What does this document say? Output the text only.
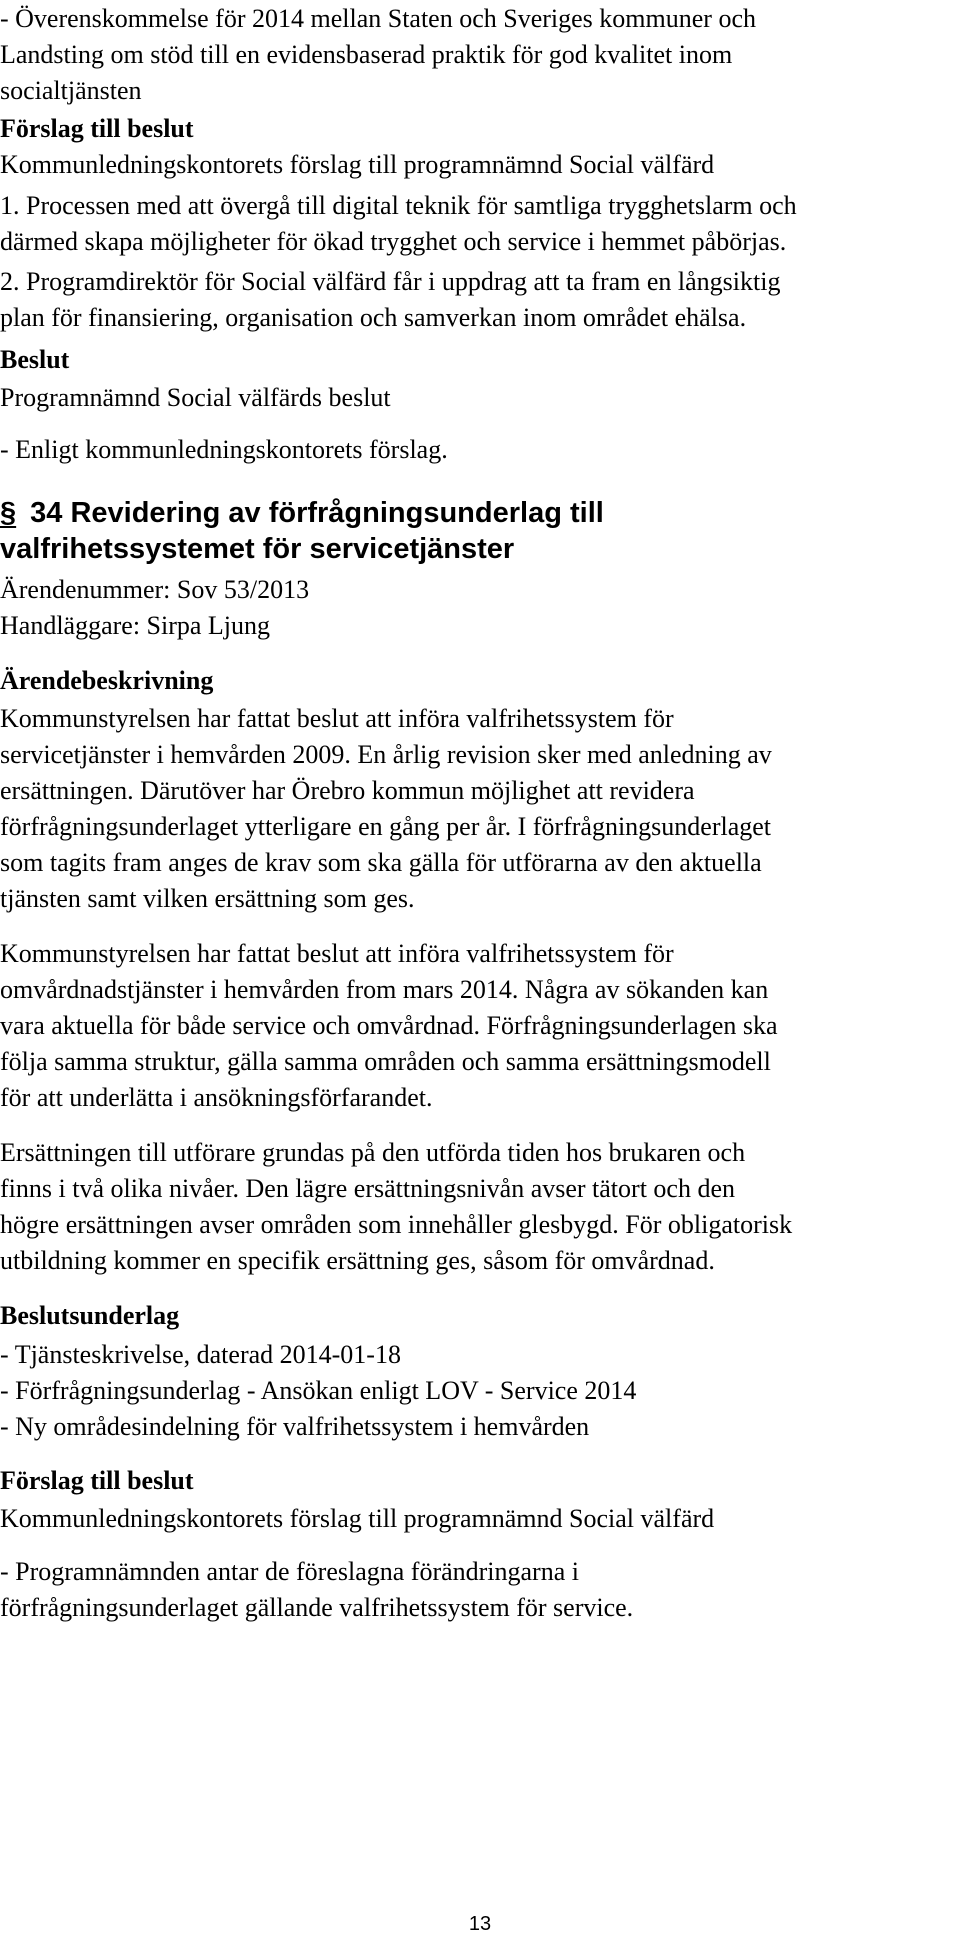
- Överenskommelse för 2014 mellan Staten och Sveriges kommuner och

Landsting om stöd till en evidensbaserad praktik för god kvalitet inom

socialtjänsten

Förslag till beslut

Kommunledningskontorets förslag till programnämnd Social välfärd

1. Processen med att övergå till digital teknik för samtliga trygghetslarm och

därmed skapa möjligheter för ökad trygghet och service i hemmet påbörjas.

2. Programdirektör för Social välfärd får i uppdrag att ta fram en långsiktig

plan för finansiering, organisation och samverkan inom området ehälsa.

Beslut

Programnämnd Social välfärds beslut

- Enligt kommunledningskontorets förslag.

§ 34 Revidering av förfrågningsunderlag till

valfrihetssystemet för servicetjänster

Ärendenummer: Sov 53/2013

Handläggare: Sirpa Ljung

Ärendebeskrivning

Kommunstyrelsen har fattat beslut att införa valfrihetssystem för

servicetjänster i hemvården 2009. En årlig revision sker med anledning av

ersättningen. Därutöver har Örebro kommun möjlighet att revidera

förfrågningsunderlaget ytterligare en gång per år. I förfrågningsunderlaget

som tagits fram anges de krav som ska gälla för utförarna av den aktuella

tjänsten samt vilken ersättning som ges.

Kommunstyrelsen har fattat beslut att införa valfrihetssystem för

omvårdnadstjänster i hemvården from mars 2014. Några av sökanden kan

vara aktuella för både service och omvårdnad. Förfrågningsunderlagen ska

följa samma struktur, gälla samma områden och samma ersättningsmodell

för att underlätta i ansökningsförfarandet.

Ersättningen till utförare grundas på den utförda tiden hos brukaren och

finns i två olika nivåer. Den lägre ersättningsnivån avser tätort och den

högre ersättningen avser områden som innehåller glesbygd. För obligatorisk

utbildning kommer en specifik ersättning ges, såsom för omvårdnad.

Beslutsunderlag

- Tjänsteskrivelse, daterad 2014-01-18

- Förfrågningsunderlag - Ansökan enligt LOV - Service 2014

- Ny områdesindelning för valfrihetssystem i hemvården

Förslag till beslut

Kommunledningskontorets förslag till programnämnd Social välfärd

- Programnämnden antar de föreslagna förändringarna i

förfrågningsunderlaget gällande valfrihetssystem för service.

13
